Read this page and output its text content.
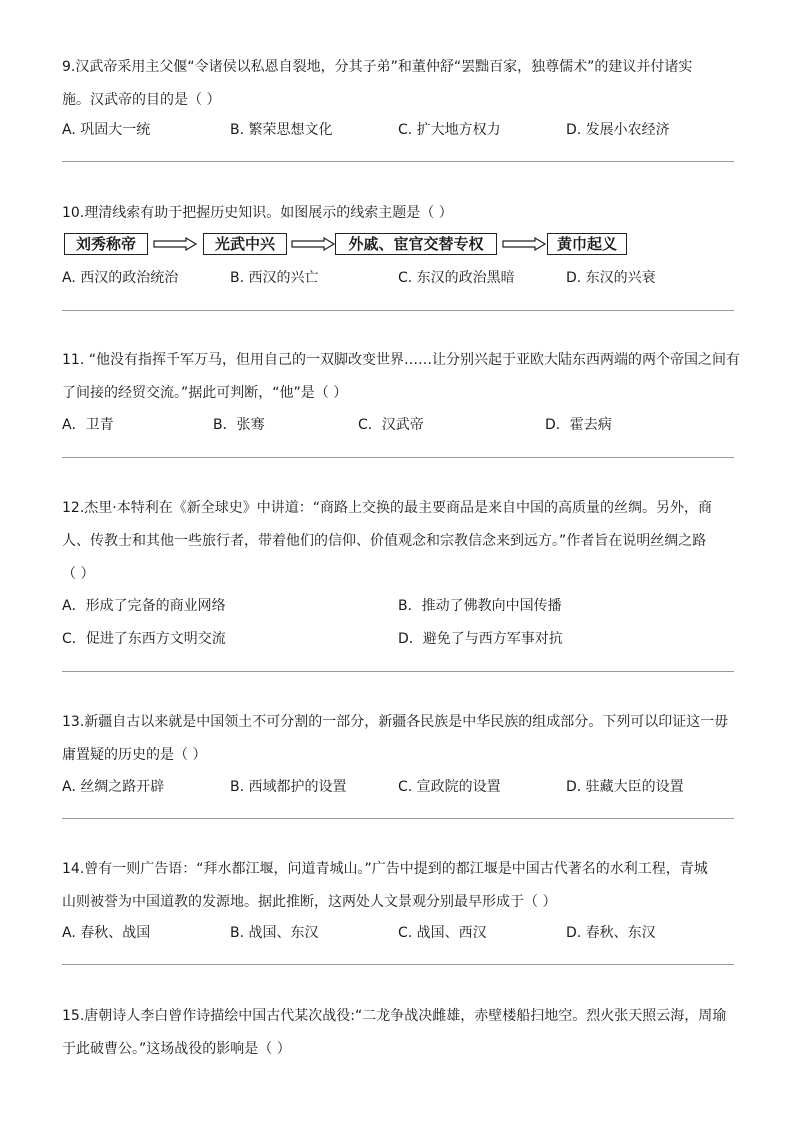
9.汉武帝采用主父偃“令诸侯以私恩自裂地，分其子弟”和董仲舒“罢黜百家，独尊儒术”的建议并付诸实
施。汉武帝的目的是（ ）
A. 巩固大一统	B. 繁荣思想文化	C. 扩大地方权力	D. 发展小农经济
10.理清线索有助于把握历史知识。如图展示的线索主题是（ ）
刘秀称帝	光武中兴	外戚、宦官交替专权	黄巾起义
A. 西汉的政治统治	B. 西汉的兴亡	C. 东汉的政治黑暗	D. 东汉的兴衰
11. “他没有指挥千军万马，但用自己的一双脚改变世界……让分别兴起于亚欧大陆东西两端的两个帝国之间有
了间接的经贸交流。”据此可判断，“他”是（ ）
A．卫青	B．张骞	C．汉武帝	D．霍去病
12.杰里·本特利在《新全球史》中讲道：“商路上交换的最主要商品是来自中国的高质量的丝绸。另外，商
人、传教士和其他一些旅行者，带着他们的信仰、价值观念和宗教信念来到远方。”作者旨在说明丝绸之路
（ ）
A．形成了完备的商业网络	B．推动了佛教向中国传播
C．促进了东西方文明交流	D．避免了与西方军事对抗
13.新疆自古以来就是中国领土不可分割的一部分，新疆各民族是中华民族的组成部分。下列可以印证这一毋
庸置疑的历史的是（ ）
A. 丝绸之路开辟	B. 西域都护的设置	C. 宣政院的设置	D. 驻藏大臣的设置
14.曾有一则广告语：“拜水都江堰，问道青城山。”广告中提到的都江堰是中国古代著名的水利工程，青城
山则被誉为中国道教的发源地。据此推断，这两处人文景观分别最早形成于（ ）
A. 春秋、战国	B. 战国、东汉	C. 战国、西汉	D. 春秋、东汉
15.唐朝诗人李白曾作诗描绘中国古代某次战役:“二龙争战决雌雄，赤壁楼船扫地空。烈火张天照云海，周瑜
于此破曹公。”这场战役的影响是（ ）
